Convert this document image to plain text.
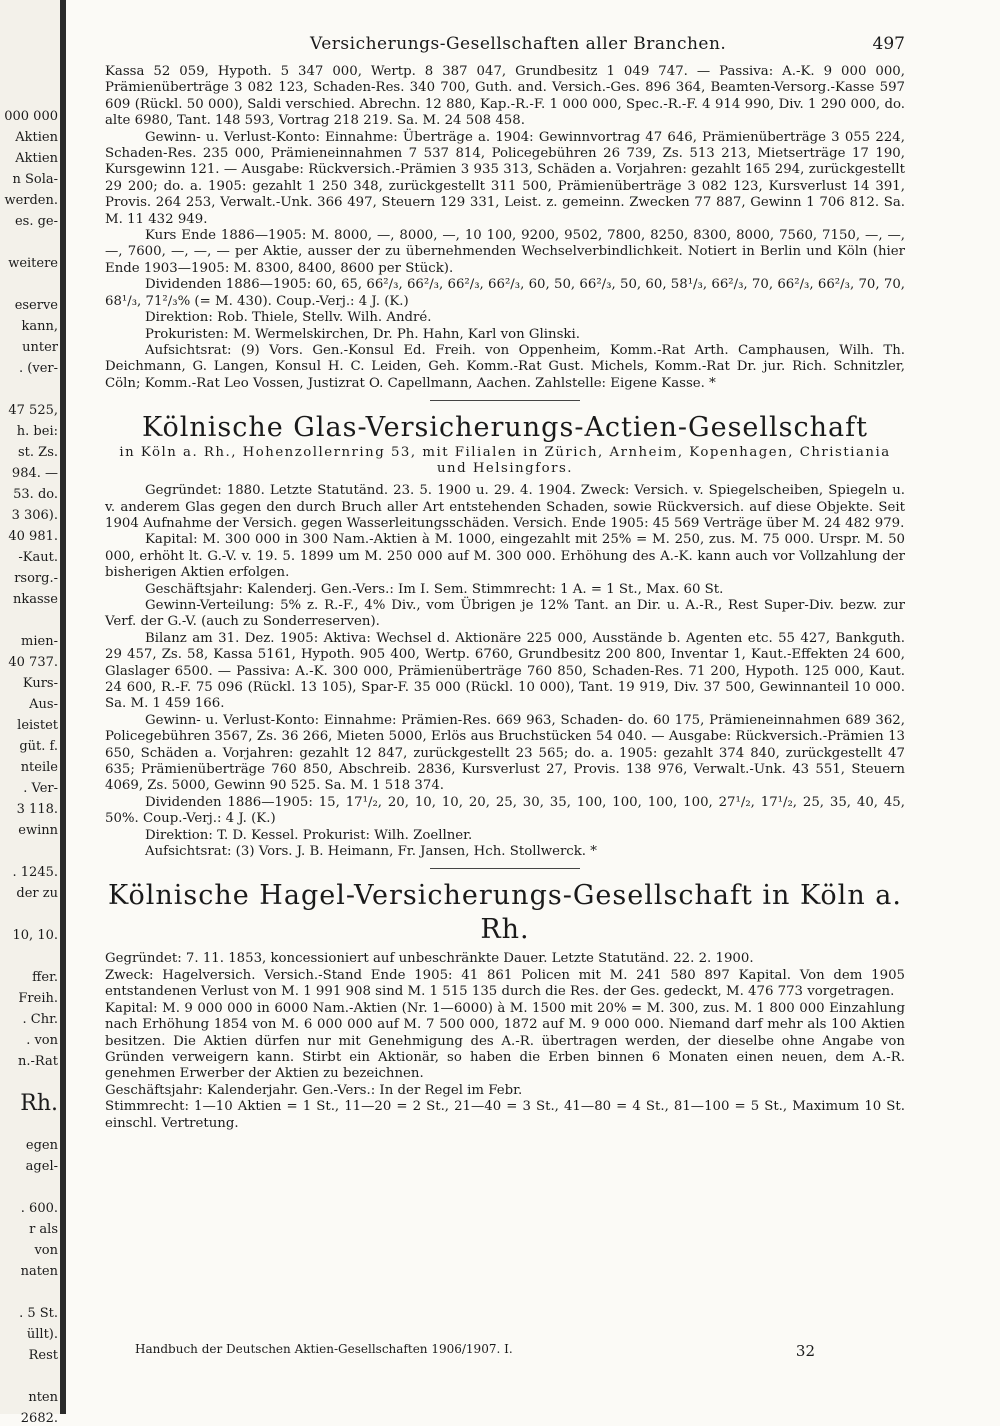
000 000
Aktien
Aktien
n Sola-
werden.
es. ge-
weitere
eserve
kann,
unter
. (ver-
47 525,
h. bei:
st. Zs.
984. —
53. do.
3 306).
40 981.
-Kaut.
rsorg.-
nkasse
mien-
40 737.
Kurs-
Aus-
leistet
güt. f.
nteile
. Ver-
3 118.
ewinn
. 1245.
der zu
10, 10.
ffer.
Freih.
. Chr.
. von
n.-Rat
Rh.
egen
agel-
. 600.
r als
von
naten
. 5 St.
üllt).
Rest
nten
2682.
Versicherungs-Gesellschaften aller Branchen.	497

Kassa 52 059, Hypoth. 5 347 000, Wertp. 8 387 047, Grundbesitz 1 049 747. — Passiva: A.-K. 9 000 000, Prämienüberträge 3 082 123, Schaden-Res. 340 700, Guth. and. Versich.-Ges. 896 364, Beamten-Versorg.-Kasse 597 609 (Rückl. 50 000), Saldi verschied. Abrechn. 12 880, Kap.-R.-F. 1 000 000, Spec.-R.-F. 4 914 990, Div. 1 290 000, do. alte 6980, Tant. 148 593, Vortrag 218 219. Sa. M. 24 508 458.

Gewinn- u. Verlust-Konto: Einnahme: Überträge a. 1904: Gewinnvortrag 47 646, Prämienüberträge 3 055 224, Schaden-Res. 235 000, Prämieneinnahmen 7 537 814, Policegebühren 26 739, Zs. 513 213, Mietserträge 17 190, Kursgewinn 121. — Ausgabe: Rückversich.-Prämien 3 935 313, Schäden a. Vorjahren: gezahlt 165 294, zurückgestellt 29 200; do. a. 1905: gezahlt 1 250 348, zurückgestellt 311 500, Prämienüberträge 3 082 123, Kursverlust 14 391, Provis. 264 253, Verwalt.-Unk. 366 497, Steuern 129 331, Leist. z. gemeinn. Zwecken 77 887, Gewinn 1 706 812. Sa. M. 11 432 949.

Kurs Ende 1886—1905: M. 8000, —, 8000, —, 10 100, 9200, 9502, 7800, 8250, 8300, 8000, 7560, 7150, —, —, —, 7600, —, —, — per Aktie, ausser der zu übernehmenden Wechselverbindlichkeit. Notiert in Berlin und Köln (hier Ende 1903—1905: M. 8300, 8400, 8600 per Stück).

Dividenden 1886—1905: 60, 65, 66²/₃, 66²/₃, 66²/₃, 66²/₃, 60, 50, 66²/₃, 50, 60, 58¹/₃, 66²/₃, 70, 66²/₃, 66²/₃, 70, 70, 68¹/₃, 71²/₃% (= M. 430). Coup.-Verj.: 4 J. (K.)

Direktion: Rob. Thiele, Stellv. Wilh. André.

Prokuristen: M. Wermelskirchen, Dr. Ph. Hahn, Karl von Glinski.

Aufsichtsrat: (9) Vors. Gen.-Konsul Ed. Freih. von Oppenheim, Komm.-Rat Arth. Camphausen, Wilh. Th. Deichmann, G. Langen, Konsul H. C. Leiden, Geh. Komm.-Rat Gust. Michels, Komm.-Rat Dr. jur. Rich. Schnitzler, Cöln; Komm.-Rat Leo Vossen, Justizrat O. Capellmann, Aachen. Zahlstelle: Eigene Kasse. *

Kölnische Glas-Versicherungs-Actien-Gesellschaft
in Köln a. Rh., Hohenzollernring 53, mit Filialen in Zürich, Arnheim, Kopenhagen, Christiania und Helsingfors.

Gegründet: 1880. Letzte Statutänd. 23. 5. 1900 u. 29. 4. 1904. Zweck: Versich. v. Spiegelscheiben, Spiegeln u. v. anderem Glas gegen den durch Bruch aller Art entstehenden Schaden, sowie Rückversich. auf diese Objekte. Seit 1904 Aufnahme der Versich. gegen Wasserleitungsschäden. Versich. Ende 1905: 45 569 Verträge über M. 24 482 979.

Kapital: M. 300 000 in 300 Nam.-Aktien à M. 1000, eingezahlt mit 25% = M. 250, zus. M. 75 000. Urspr. M. 50 000, erhöht lt. G.-V. v. 19. 5. 1899 um M. 250 000 auf M. 300 000. Erhöhung des A.-K. kann auch vor Vollzahlung der bisherigen Aktien erfolgen.

Geschäftsjahr: Kalenderj. Gen.-Vers.: Im I. Sem. Stimmrecht: 1 A. = 1 St., Max. 60 St.

Gewinn-Verteilung: 5% z. R.-F., 4% Div., vom Übrigen je 12% Tant. an Dir. u. A.-R., Rest Super-Div. bezw. zur Verf. der G.-V. (auch zu Sonderreserven).

Bilanz am 31. Dez. 1905: Aktiva: Wechsel d. Aktionäre 225 000, Ausstände b. Agenten etc. 55 427, Bankguth. 29 457, Zs. 58, Kassa 5161, Hypoth. 905 400, Wertp. 6760, Grundbesitz 200 800, Inventar 1, Kaut.-Effekten 24 600, Glaslager 6500. — Passiva: A.-K. 300 000, Prämienüberträge 760 850, Schaden-Res. 71 200, Hypoth. 125 000, Kaut. 24 600, R.-F. 75 096 (Rückl. 13 105), Spar-F. 35 000 (Rückl. 10 000), Tant. 19 919, Div. 37 500, Gewinnanteil 10 000. Sa. M. 1 459 166.

Gewinn- u. Verlust-Konto: Einnahme: Prämien-Res. 669 963, Schaden- do. 60 175, Prämieneinnahmen 689 362, Policegebühren 3567, Zs. 36 266, Mieten 5000, Erlös aus Bruchstücken 54 040. — Ausgabe: Rückversich.-Prämien 13 650, Schäden a. Vorjahren: gezahlt 12 847, zurückgestellt 23 565; do. a. 1905: gezahlt 374 840, zurückgestellt 47 635; Prämienüberträge 760 850, Abschreib. 2836, Kursverlust 27, Provis. 138 976, Verwalt.-Unk. 43 551, Steuern 4069, Zs. 5000, Gewinn 90 525. Sa. M. 1 518 374.

Dividenden 1886—1905: 15, 17¹/₂, 20, 10, 10, 20, 25, 30, 35, 100, 100, 100, 100, 27¹/₂, 17¹/₂, 25, 35, 40, 45, 50%. Coup.-Verj.: 4 J. (K.)

Direktion: T. D. Kessel. Prokurist: Wilh. Zoellner.

Aufsichtsrat: (3) Vors. J. B. Heimann, Fr. Jansen, Hch. Stollwerck. *

Kölnische Hagel-Versicherungs-Gesellschaft in Köln a. Rh.

Gegründet: 7. 11. 1853, koncessioniert auf unbeschränkte Dauer. Letzte Statutänd. 22. 2. 1900.

Zweck: Hagelversich. Versich.-Stand Ende 1905: 41 861 Policen mit M. 241 580 897 Kapital. Von dem 1905 entstandenen Verlust von M. 1 991 908 sind M. 1 515 135 durch die Res. der Ges. gedeckt, M. 476 773 vorgetragen.

Kapital: M. 9 000 000 in 6000 Nam.-Aktien (Nr. 1—6000) à M. 1500 mit 20% = M. 300, zus. M. 1 800 000 Einzahlung nach Erhöhung 1854 von M. 6 000 000 auf M. 7 500 000, 1872 auf M. 9 000 000. Niemand darf mehr als 100 Aktien besitzen. Die Aktien dürfen nur mit Genehmigung des A.-R. übertragen werden, der dieselbe ohne Angabe von Gründen verweigern kann. Stirbt ein Aktionär, so haben die Erben binnen 6 Monaten einen neuen, dem A.-R. genehmen Erwerber der Aktien zu bezeichnen.

Geschäftsjahr: Kalenderjahr. Gen.-Vers.: In der Regel im Febr.

Stimmrecht: 1—10 Aktien = 1 St., 11—20 = 2 St., 21—40 = 3 St., 41—80 = 4 St., 81—100 = 5 St., Maximum 10 St. einschl. Vertretung.

Handbuch der Deutschen Aktien-Gesellschaften 1906/1907. I.	32
